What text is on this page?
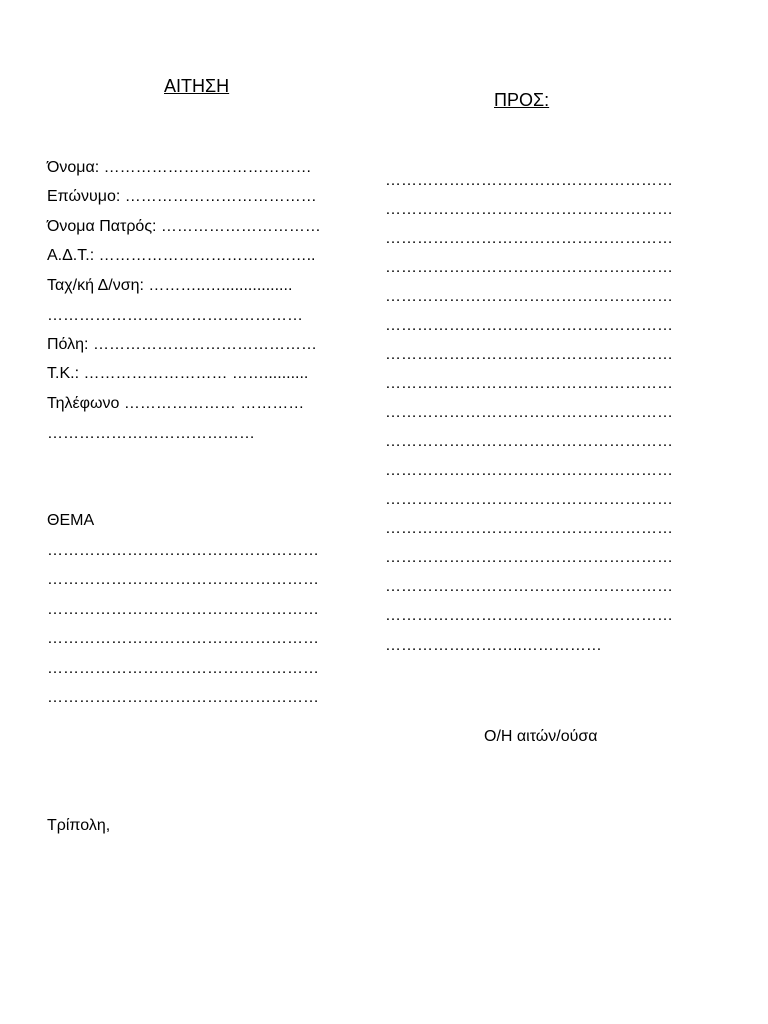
ΑΙΤΗΣΗ
ΠΡΟΣ:
Όνομα: …………………………………
Επώνυμο: ………………………………
Όνομα Πατρός: …………………………
Α.Δ.Τ.: …………………………………..
Ταχ/κή Δ/νση: ………..…................
…………………………………………
Πόλη: ……………………………………
Τ.Κ.: ……………………… ……..........
Τηλέφωνο ………………… …………
…………………………………
ΘΕΜΑ
……………………………………………
……………………………………………
……………………………………………
……………………………………………
……………………………………………
……………………………………………
………………………………………………
………………………………………………
………………………………………………
………………………………………………
………………………………………………
………………………………………………
………………………………………………
………………………………………………
………………………………………………
………………………………………………
………………………………………………
………………………………………………
………………………………………………
………………………………………………
………………………………………………
………………………………………………
……………………..……………
Ο/Η αιτών/ούσα
Τρίπολη,
